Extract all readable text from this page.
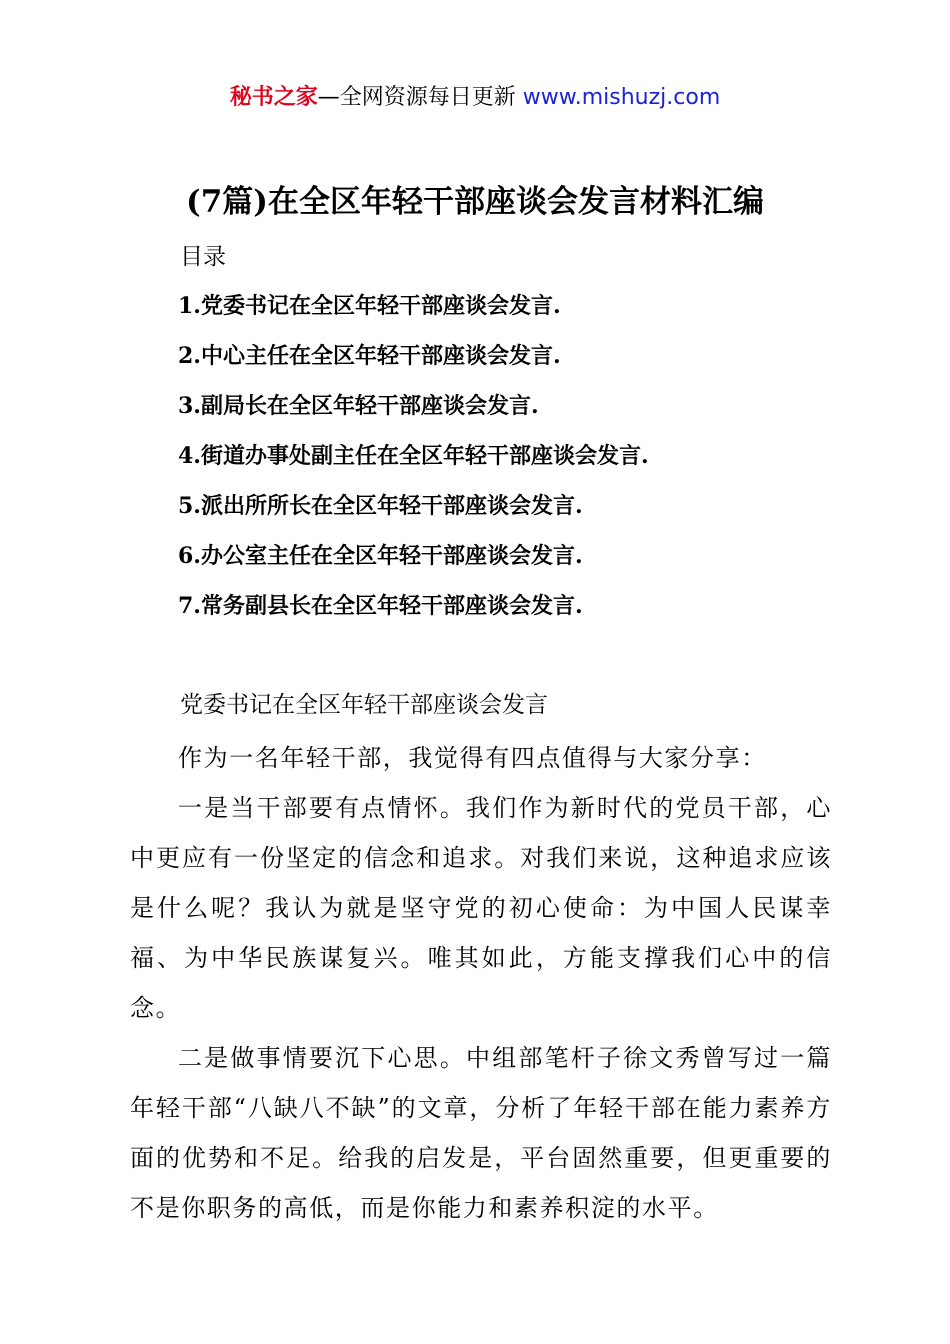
秘书之家—全网资源每日更新 www.mishuzj.com
(7篇)在全区年轻干部座谈会发言材料汇编
目录
1.党委书记在全区年轻干部座谈会发言.
2.中心主任在全区年轻干部座谈会发言.
3.副局长在全区年轻干部座谈会发言.
4.街道办事处副主任在全区年轻干部座谈会发言.
5.派出所所长在全区年轻干部座谈会发言.
6.办公室主任在全区年轻干部座谈会发言.
7.常务副县长在全区年轻干部座谈会发言.
党委书记在全区年轻干部座谈会发言

作为一名年轻干部，我觉得有四点值得与大家分享：

一是当干部要有点情怀。我们作为新时代的党员干部，心中更应有一份坚定的信念和追求。对我们来说，这种追求应该是什么呢？我认为就是坚守党的初心使命：为中国人民谋幸福、为中华民族谋复兴。唯其如此，方能支撑我们心中的信念。

二是做事情要沉下心思。中组部笔杆子徐文秀曾写过一篇年轻干部“八缺八不缺”的文章，分析了年轻干部在能力素养方面的优势和不足。给我的启发是，平台固然重要，但更重要的不是你职务的高低，而是你能力和素养积淀的水平。
